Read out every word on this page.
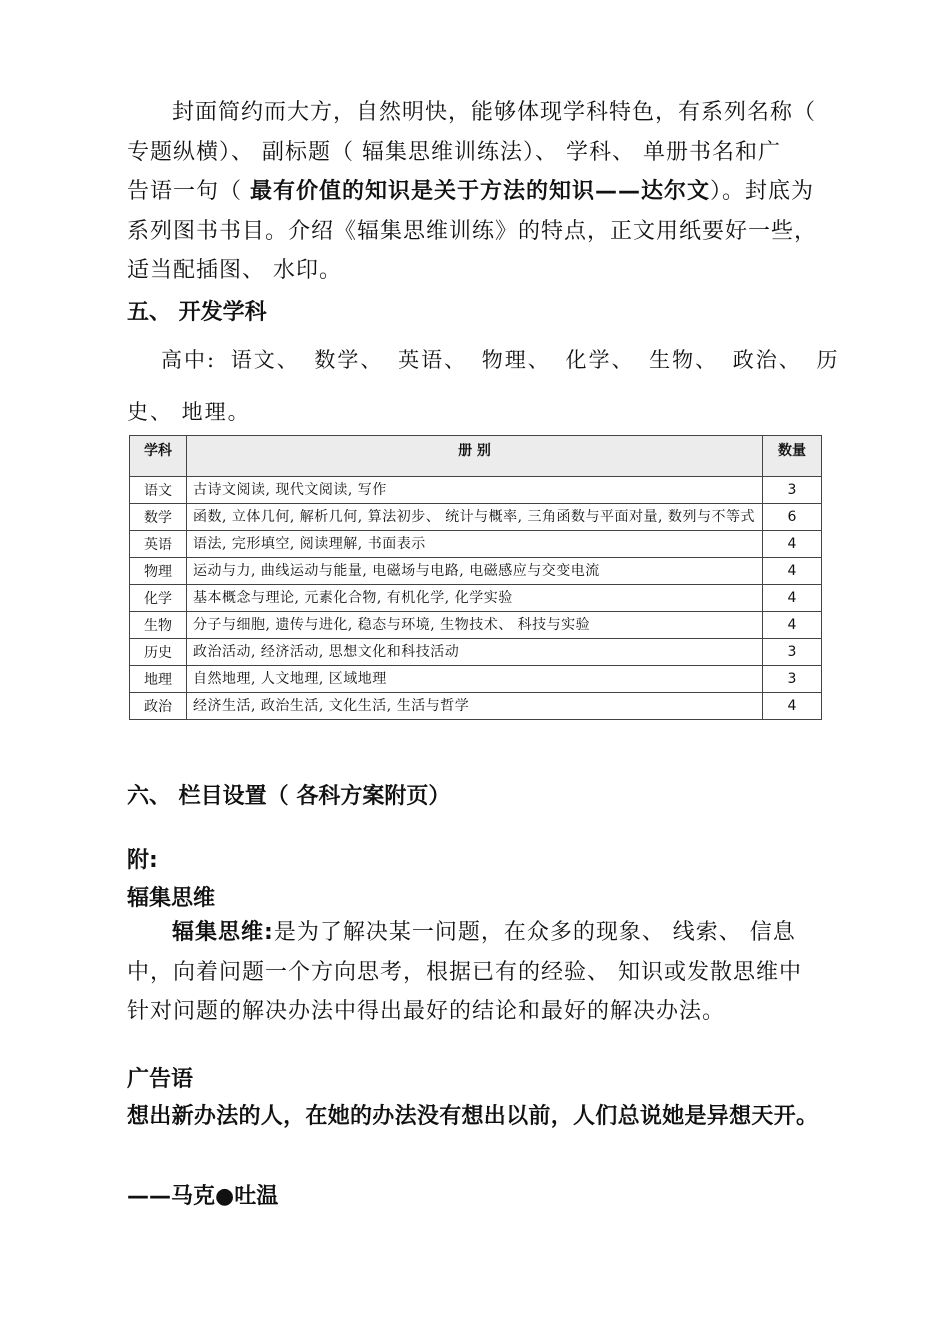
封面简约而大方，自然明快，能够体现学科特色，有系列名称（
专题纵横）、 副标题（ 辐集思维训练法）、 学科、 单册书名和广
告语一句（ 最有价值的知识是关于方法的知识——达尔文）。封底为
系列图书书目。介绍《辐集思维训练》的特点，正文用纸要好一些，
适当配插图、 水印。
五、 开发学科
高中: 语文、 数学、 英语、 物理、 化学、 生物、 政治、 历
史、 地理。
学科	册 别	数量
语文	古诗文阅读, 现代文阅读, 写作	3
数学	函数, 立体几何, 解析几何, 算法初步、 统计与概率, 三角函数与平面对量, 数列与不等式	6
英语	语法, 完形填空, 阅读理解, 书面表示	4
物理	运动与力, 曲线运动与能量, 电磁场与电路, 电磁感应与交变电流	4
化学	基本概念与理论, 元素化合物, 有机化学, 化学实验	4
生物	分子与细胞, 遗传与进化, 稳态与环境, 生物技术、 科技与实验	4
历史	政治活动, 经济活动, 思想文化和科技活动	3
地理	自然地理, 人文地理, 区域地理	3
政治	经济生活, 政治生活, 文化生活, 生活与哲学	4
六、 栏目设置（ 各科方案附页）
附:
辐集思维
辐集思维:是为了解决某一问题，在众多的现象、 线索、 信息
中，向着问题一个方向思考，根据已有的经验、 知识或发散思维中
针对问题的解决办法中得出最好的结论和最好的解决办法。
广告语
想出新办法的人，在她的办法没有想出以前，人们总说她是异想天开。
——马克●吐温
